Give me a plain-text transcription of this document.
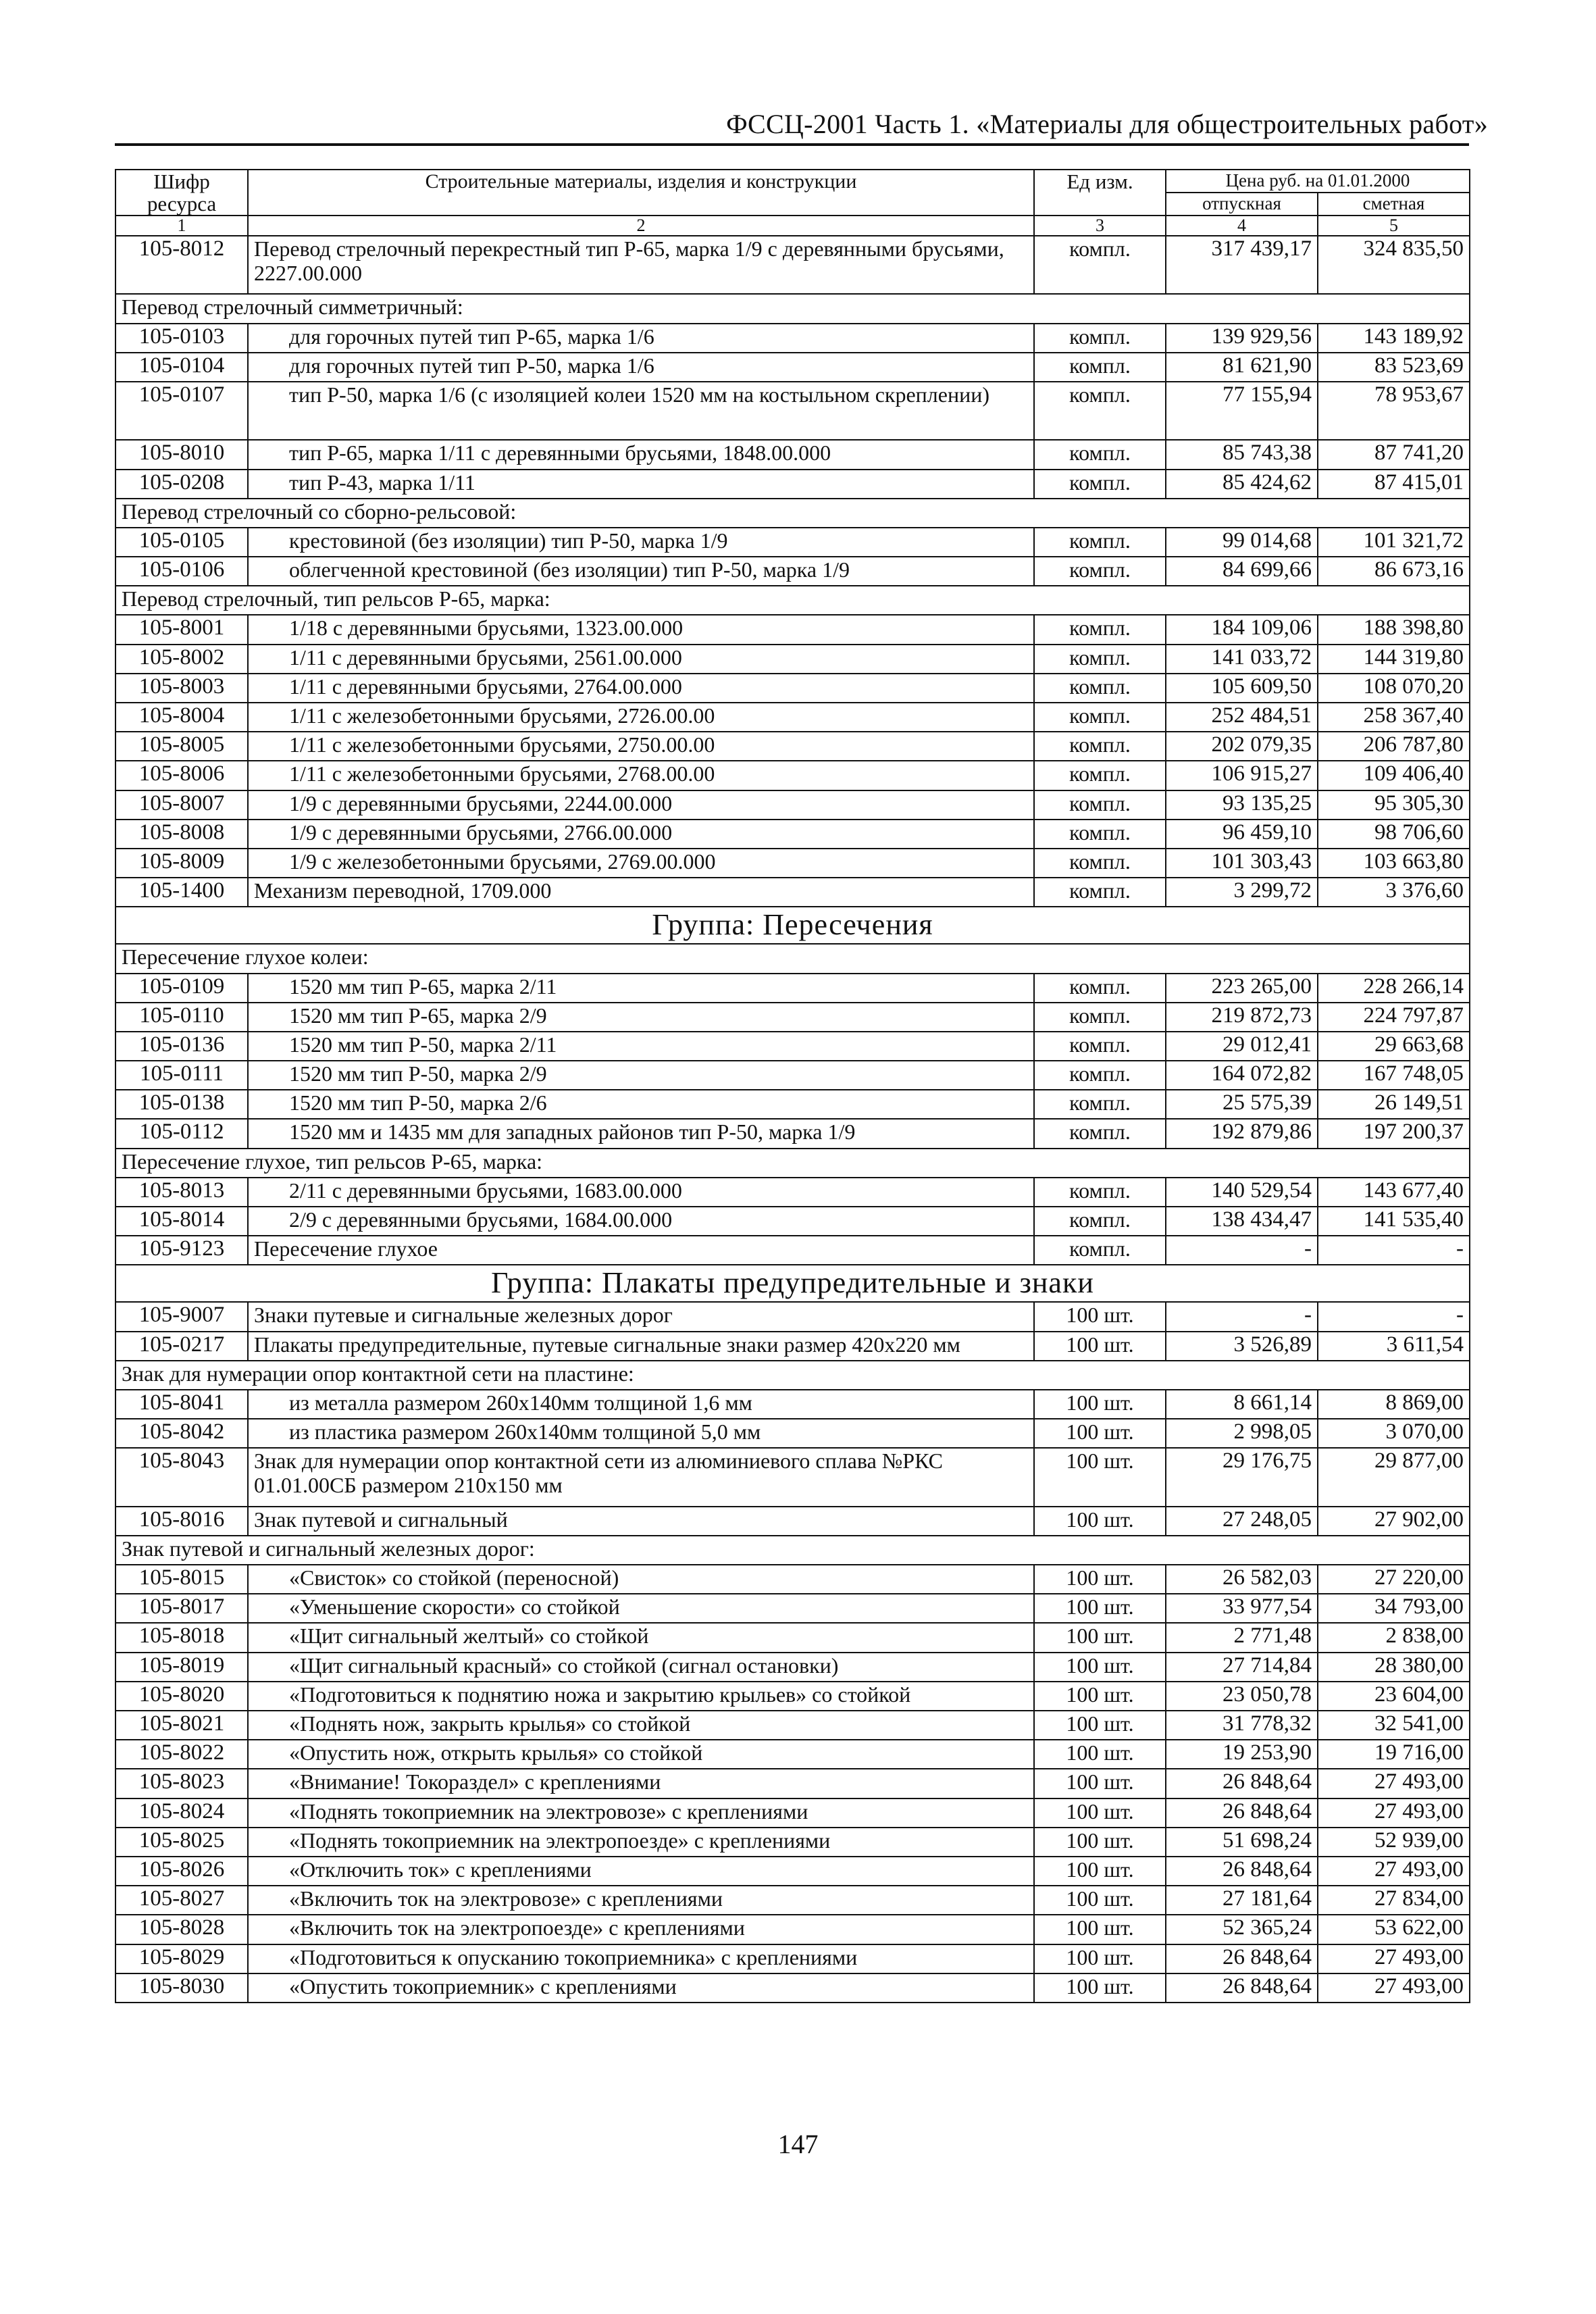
ФССЦ-2001 Часть 1. «Материалы для общестроительных работ»
Шифр ресурса	Строительные материалы, изделия и конструкции	Ед изм.	Цена руб. на 01.01.2000	
			отпускная	сметная
1	2	3	4	5
105-8012	Перевод стрелочный перекрестный тип Р-65, марка 1/9 с деревянными брусьями, 2227.00.000	компл.	317 439,17	324 835,50
Перевод стрелочный симметричный:				
105-0103	для горочных путей тип Р-65, марка 1/6	компл.	139 929,56	143 189,92
105-0104	для горочных путей тип Р-50, марка 1/6	компл.	81 621,90	83 523,69
105-0107	тип Р-50, марка 1/6 (с изоляцией колеи 1520 мм на костыльном скреплении)	компл.	77 155,94	78 953,67
105-8010	тип Р-65, марка 1/11 с деревянными брусьями, 1848.00.000	компл.	85 743,38	87 741,20
105-0208	тип Р-43, марка 1/11	компл.	85 424,62	87 415,01
Перевод стрелочный со сборно-рельсовой:				
105-0105	крестовиной (без изоляции) тип Р-50, марка 1/9	компл.	99 014,68	101 321,72
105-0106	облегченной крестовиной (без изоляции) тип Р-50, марка 1/9	компл.	84 699,66	86 673,16
Перевод стрелочный, тип рельсов Р-65, марка:				
105-8001	1/18 с деревянными брусьями, 1323.00.000	компл.	184 109,06	188 398,80
105-8002	1/11 с деревянными брусьями, 2561.00.000	компл.	141 033,72	144 319,80
105-8003	1/11 с деревянными брусьями, 2764.00.000	компл.	105 609,50	108 070,20
105-8004	1/11 с железобетонными брусьями, 2726.00.00	компл.	252 484,51	258 367,40
105-8005	1/11 с железобетонными брусьями, 2750.00.00	компл.	202 079,35	206 787,80
105-8006	1/11 с железобетонными брусьями, 2768.00.00	компл.	106 915,27	109 406,40
105-8007	1/9 с деревянными брусьями, 2244.00.000	компл.	93 135,25	95 305,30
105-8008	1/9 с деревянными брусьями, 2766.00.000	компл.	96 459,10	98 706,60
105-8009	1/9 с железобетонными брусьями, 2769.00.000	компл.	101 303,43	103 663,80
105-1400	Механизм переводной, 1709.000	компл.	3 299,72	3 376,60
Группа: Пересечения				
Пересечение глухое колеи:				
105-0109	1520 мм тип Р-65, марка 2/11	компл.	223 265,00	228 266,14
105-0110	1520 мм тип Р-65, марка 2/9	компл.	219 872,73	224 797,87
105-0136	1520 мм тип Р-50, марка 2/11	компл.	29 012,41	29 663,68
105-0111	1520 мм тип Р-50, марка 2/9	компл.	164 072,82	167 748,05
105-0138	1520 мм тип Р-50, марка 2/6	компл.	25 575,39	26 149,51
105-0112	1520 мм и 1435 мм для западных районов тип Р-50, марка 1/9	компл.	192 879,86	197 200,37
Пересечение глухое, тип рельсов Р-65, марка:				
105-8013	2/11 с деревянными брусьями, 1683.00.000	компл.	140 529,54	143 677,40
105-8014	2/9 с деревянными брусьями, 1684.00.000	компл.	138 434,47	141 535,40
105-9123	Пересечение глухое	компл.	-	-
Группа: Плакаты предупредительные и знаки				
105-9007	Знаки путевые и сигнальные железных дорог	100 шт.	-	-
105-0217	Плакаты предупредительные, путевые сигнальные знаки размер 420х220 мм	100 шт.	3 526,89	3 611,54
Знак для нумерации опор контактной сети на пластине:				
105-8041	из металла размером 260х140мм толщиной 1,6 мм	100 шт.	8 661,14	8 869,00
105-8042	из пластика размером 260х140мм толщиной 5,0 мм	100 шт.	2 998,05	3 070,00
105-8043	Знак для нумерации опор контактной сети из алюминиевого сплава №РКС 01.01.00СБ размером 210х150 мм	100 шт.	29 176,75	29 877,00
105-8016	Знак путевой и сигнальный	100 шт.	27 248,05	27 902,00
Знак путевой и сигнальный железных дорог:				
105-8015	«Свисток» со стойкой (переносной)	100 шт.	26 582,03	27 220,00
105-8017	«Уменьшение скорости» со стойкой	100 шт.	33 977,54	34 793,00
105-8018	«Щит сигнальный желтый» со стойкой	100 шт.	2 771,48	2 838,00
105-8019	«Щит сигнальный красный» со стойкой (сигнал остановки)	100 шт.	27 714,84	28 380,00
105-8020	«Подготовиться к поднятию ножа и закрытию крыльев» со стойкой	100 шт.	23 050,78	23 604,00
105-8021	«Поднять нож, закрыть крылья» со стойкой	100 шт.	31 778,32	32 541,00
105-8022	«Опустить нож, открыть крылья» со стойкой	100 шт.	19 253,90	19 716,00
105-8023	«Внимание! Токораздел» с креплениями	100 шт.	26 848,64	27 493,00
105-8024	«Поднять токоприемник на электровозе» с креплениями	100 шт.	26 848,64	27 493,00
105-8025	«Поднять токоприемник на электропоезде» с креплениями	100 шт.	51 698,24	52 939,00
105-8026	«Отключить ток» с креплениями	100 шт.	26 848,64	27 493,00
105-8027	«Включить ток на электровозе» с креплениями	100 шт.	27 181,64	27 834,00
105-8028	«Включить ток на электропоезде» с креплениями	100 шт.	52 365,24	53 622,00
105-8029	«Подготовиться к опусканию токоприемника» с креплениями	100 шт.	26 848,64	27 493,00
105-8030	«Опустить токоприемник» с креплениями	100 шт.	26 848,64	27 493,00
147
